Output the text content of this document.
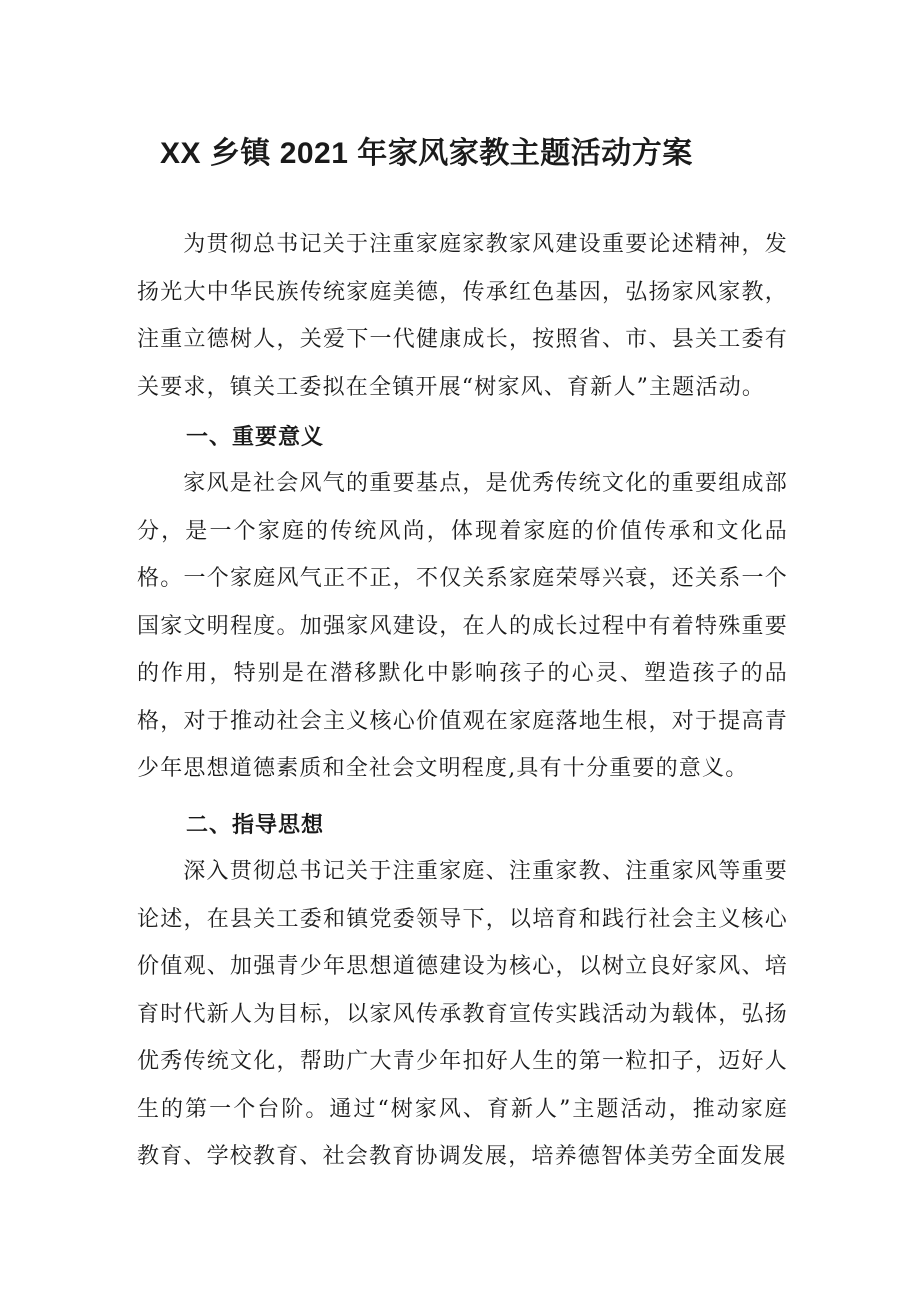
XX 乡镇 2021 年家风家教主题活动方案

为贯彻总书记关于注重家庭家教家风建设重要论述精神，发扬光大中华民族传统家庭美德，传承红色基因，弘扬家风家教，注重立德树人，关爱下一代健康成长，按照省、市、县关工委有关要求，镇关工委拟在全镇开展“树家风、育新人”主题活动。

一、重要意义

家风是社会风气的重要基点，是优秀传统文化的重要组成部分，是一个家庭的传统风尚，体现着家庭的价值传承和文化品格。一个家庭风气正不正，不仅关系家庭荣辱兴衰，还关系一个国家文明程度。加强家风建设，在人的成长过程中有着特殊重要的作用，特别是在潜移默化中影响孩子的心灵、塑造孩子的品格，对于推动社会主义核心价值观在家庭落地生根，对于提高青少年思想道德素质和全社会文明程度,具有十分重要的意义。

二、指导思想

深入贯彻总书记关于注重家庭、注重家教、注重家风等重要论述，在县关工委和镇党委领导下，以培育和践行社会主义核心价值观、加强青少年思想道德建设为核心，以树立良好家风、培育时代新人为目标，以家风传承教育宣传实践活动为载体，弘扬优秀传统文化，帮助广大青少年扣好人生的第一粒扣子，迈好人生的第一个台阶。通过“树家风、育新人”主题活动，推动家庭教育、学校教育、社会教育协调发展，培养德智体美劳全面发展
